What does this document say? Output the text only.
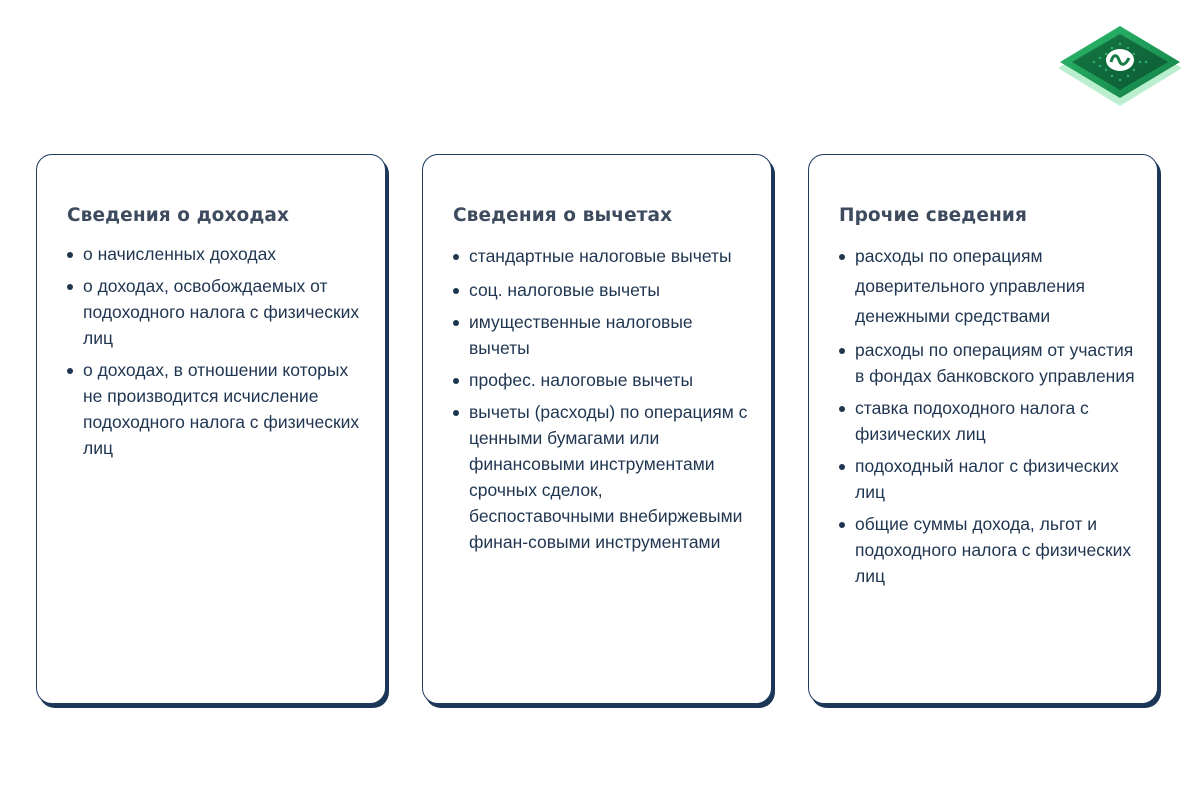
Сведения о доходах
о начисленных доходах
о доходах, освобождаемых от подоходного налога с физических лиц
о доходах, в отношении которых не производится исчисление подоходного налога с физических лиц
Сведения о вычетах
стандартные налоговые вычеты
соц. налоговые вычеты
имущественные налоговые вычеты
профес. налоговые вычеты
вычеты (расходы) по операциям с ценными бумагами или финансовыми инструментами срочных сделок, беспоставочными внебиржевыми финан-совыми инструментами
Прочие сведения
расходы по операциям доверительного управления денежными средствами
расходы по операциям от участия в фондах банковского управления
ставка подоходного налога с физических лиц
подоходный налог с физических лиц
общие суммы дохода, льгот и подоходного налога с физических лиц
